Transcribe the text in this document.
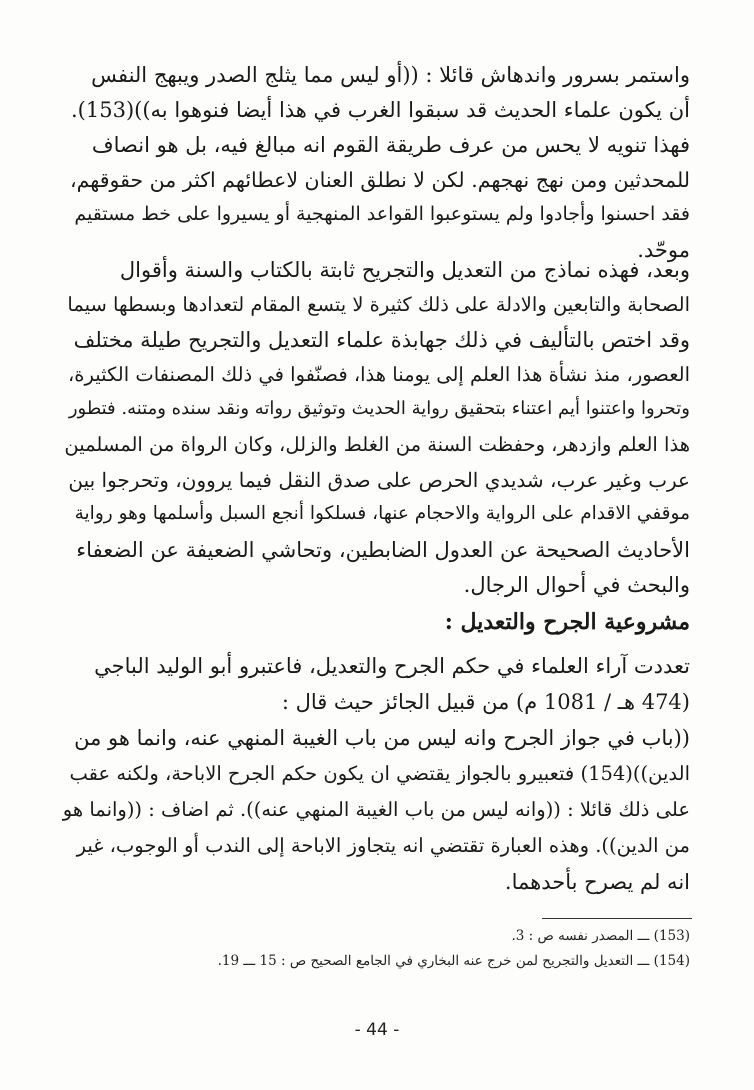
واستمر بسرور واندهاش قائلا : ((أو ليس مما يثلج الصدر ويبهج النفس
أن يكون علماء الحديث قد سبقوا الغرب في هذا أيضا فنوهوا به))(153).
فهذا تنويه لا يحس من عرف طريقة القوم انه مبالغ فيه، بل هو انصاف
للمحدثين ومن نهج نهجهم. لكن لا نطلق العنان لاعطائهم اكثر من حقوقهم،
فقد احسنوا وأجادوا ولم يستوعبوا القواعد المنهجية أو يسيروا على خط مستقيم
موحّد.
وبعد، فهذه نماذج من التعديل والتجريح ثابتة بالكتاب والسنة وأقوال
الصحابة والتابعين والادلة على ذلك كثيرة لا يتسع المقام لتعدادها وبسطها سيما
وقد اختص بالتأليف في ذلك جهابذة علماء التعديل والتجريح طيلة مختلف
العصور، منذ نشأة هذا العلم إلى يومنا هذا، فصنّفوا في ذلك المصنفات الكثيرة،
وتحروا واعتنوا أيم اعتناء بتحقيق رواية الحديث وتوثيق رواته ونقد سنده ومتنه. فتطور
هذا العلم وازدهر، وحفظت السنة من الغلط والزلل، وكان الرواة من المسلمين
عرب وغير عرب، شديدي الحرص على صدق النقل فيما يروون، وتحرجوا بين
موقفي الاقدام على الرواية والاحجام عنها، فسلكوا أنجع السبل وأسلمها وهو رواية
الأحاديث الصحيحة عن العدول الضابطين، وتحاشي الضعيفة عن الضعفاء
والبحث في أحوال الرجال.
مشروعية الجرح والتعديل :
تعددت آراء العلماء في حكم الجرح والتعديل، فاعتبرو أبو الوليد الباجي
(474 هـ / 1081 م) من قبيل الجائز حيث قال :
((باب في جواز الجرح وانه ليس من باب الغيبة المنهي عنه، وانما هو من
الدين))(154) فتعبيرو بالجواز يقتضي ان يكون حكم الجرح الاباحة، ولكنه عقب
على ذلك قائلا : ((وانه ليس من باب الغيبة المنهي عنه)). ثم اضاف : ((وانما هو
من الدين)). وهذه العبارة تقتضي انه يتجاوز الاباحة إلى الندب أو الوجوب، غير
انه لم يصرح بأحدهما.
(153) ـــ المصدر نفسه ص : 3.
(154) ـــ التعديل والتجريح لمن خرج عنه البخاري في الجامع الصحيح ص : 15 ـــ 19.
- 44 -
